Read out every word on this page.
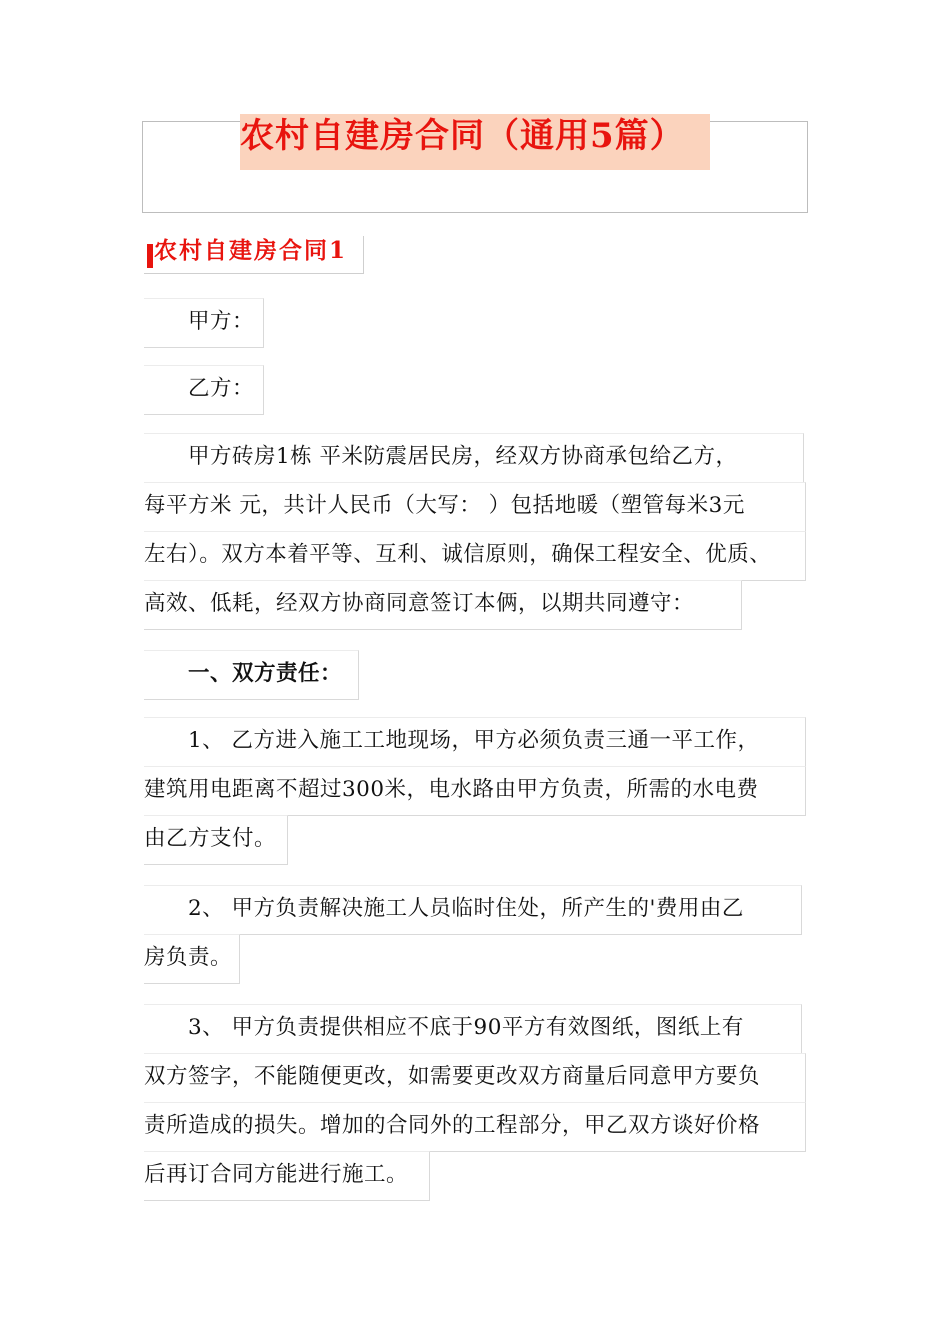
农村自建房合同（通用5篇）
农村自建房合同1
　　甲方：
　　乙方：
　　甲方砖房1栋 平米防震居民房，经双方协商承包给乙方，
每平方米 元，共计人民币（大写： ）包括地暖（塑管每米3元
左右）。双方本着平等、互利、诚信原则，确保工程安全、优质、
高效、低耗，经双方协商同意签订本俩，以期共同遵守：
　　一、双方责任：
　　1、 乙方进入施工工地现场，甲方必须负责三通一平工作，
建筑用电距离不超过300米，电水路由甲方负责，所需的水电费
由乙方支付。
　　2、 甲方负责解决施工人员临时住处，所产生的'费用由乙
房负责。
　　3、 甲方负责提供相应不底于90平方有效图纸，图纸上有
双方签字，不能随便更改，如需要更改双方商量后同意甲方要负
责所造成的损失。增加的合同外的工程部分，甲乙双方谈好价格
后再订合同方能进行施工。
